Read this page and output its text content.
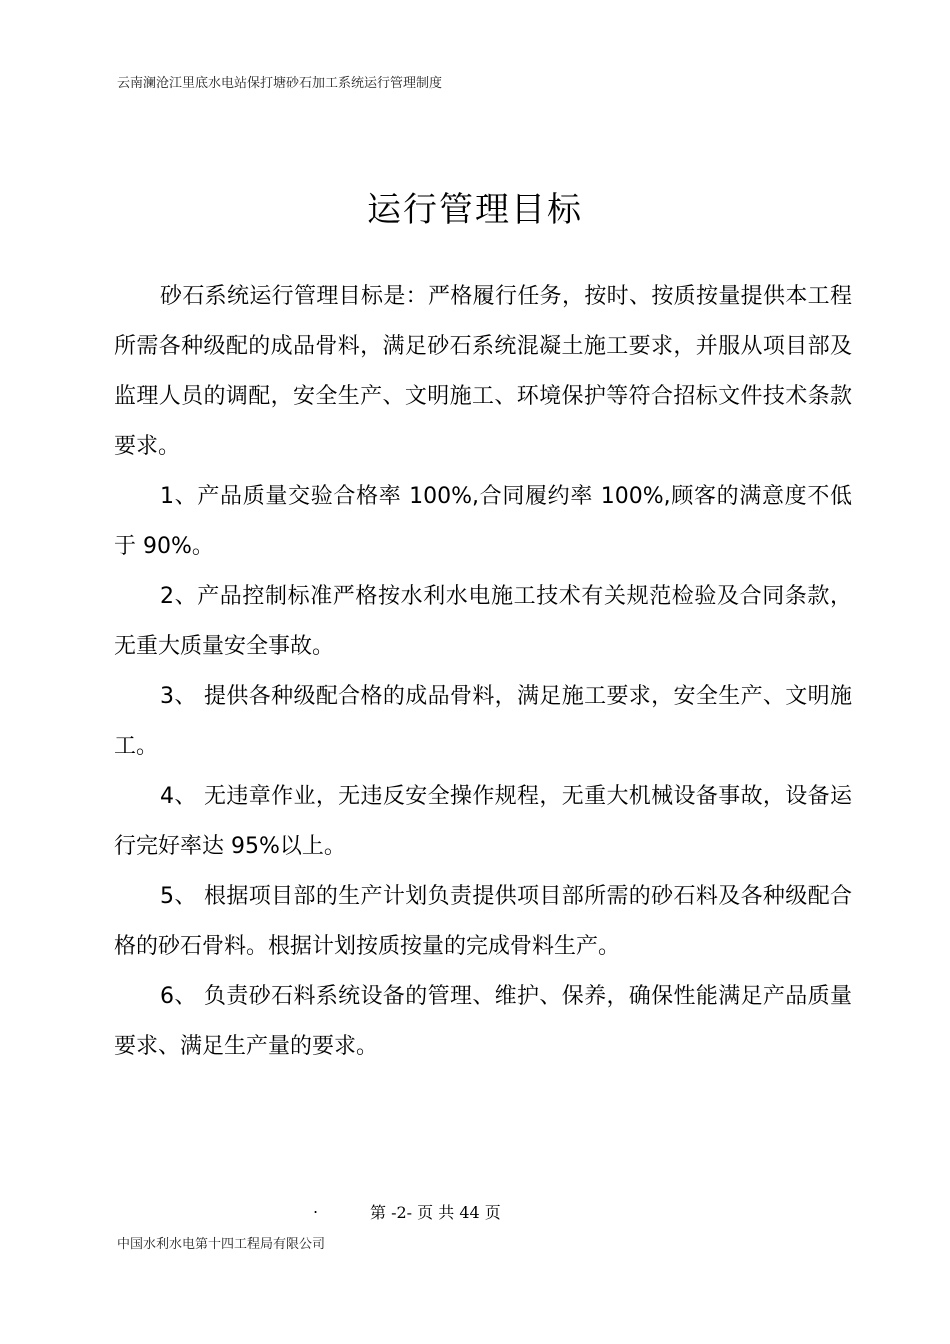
云南澜沧江里底水电站保打塘砂石加工系统运行管理制度
运行管理目标

砂石系统运行管理目标是：严格履行任务，按时、按质按量提供本工程所需各种级配的成品骨料，满足砂石系统混凝土施工要求，并服从项目部及监理人员的调配，安全生产、文明施工、环境保护等符合招标文件技术条款要求。

1、产品质量交验合格率 100%,合同履约率 100%,顾客的满意度不低于 90%。

2、产品控制标准严格按水利水电施工技术有关规范检验及合同条款，无重大质量安全事故。

3、 提供各种级配合格的成品骨料，满足施工要求，安全生产、文明施工。

4、 无违章作业，无违反安全操作规程，无重大机械设备事故，设备运行完好率达 95%以上。

5、 根据项目部的生产计划负责提供项目部所需的砂石料及各种级配合格的砂石骨料。根据计划按质按量的完成骨料生产。

6、 负责砂石料系统设备的管理、维护、保养，确保性能满足产品质量要求、满足生产量的要求。

.	第 -2- 页 共 44 页
中国水利水电第十四工程局有限公司
